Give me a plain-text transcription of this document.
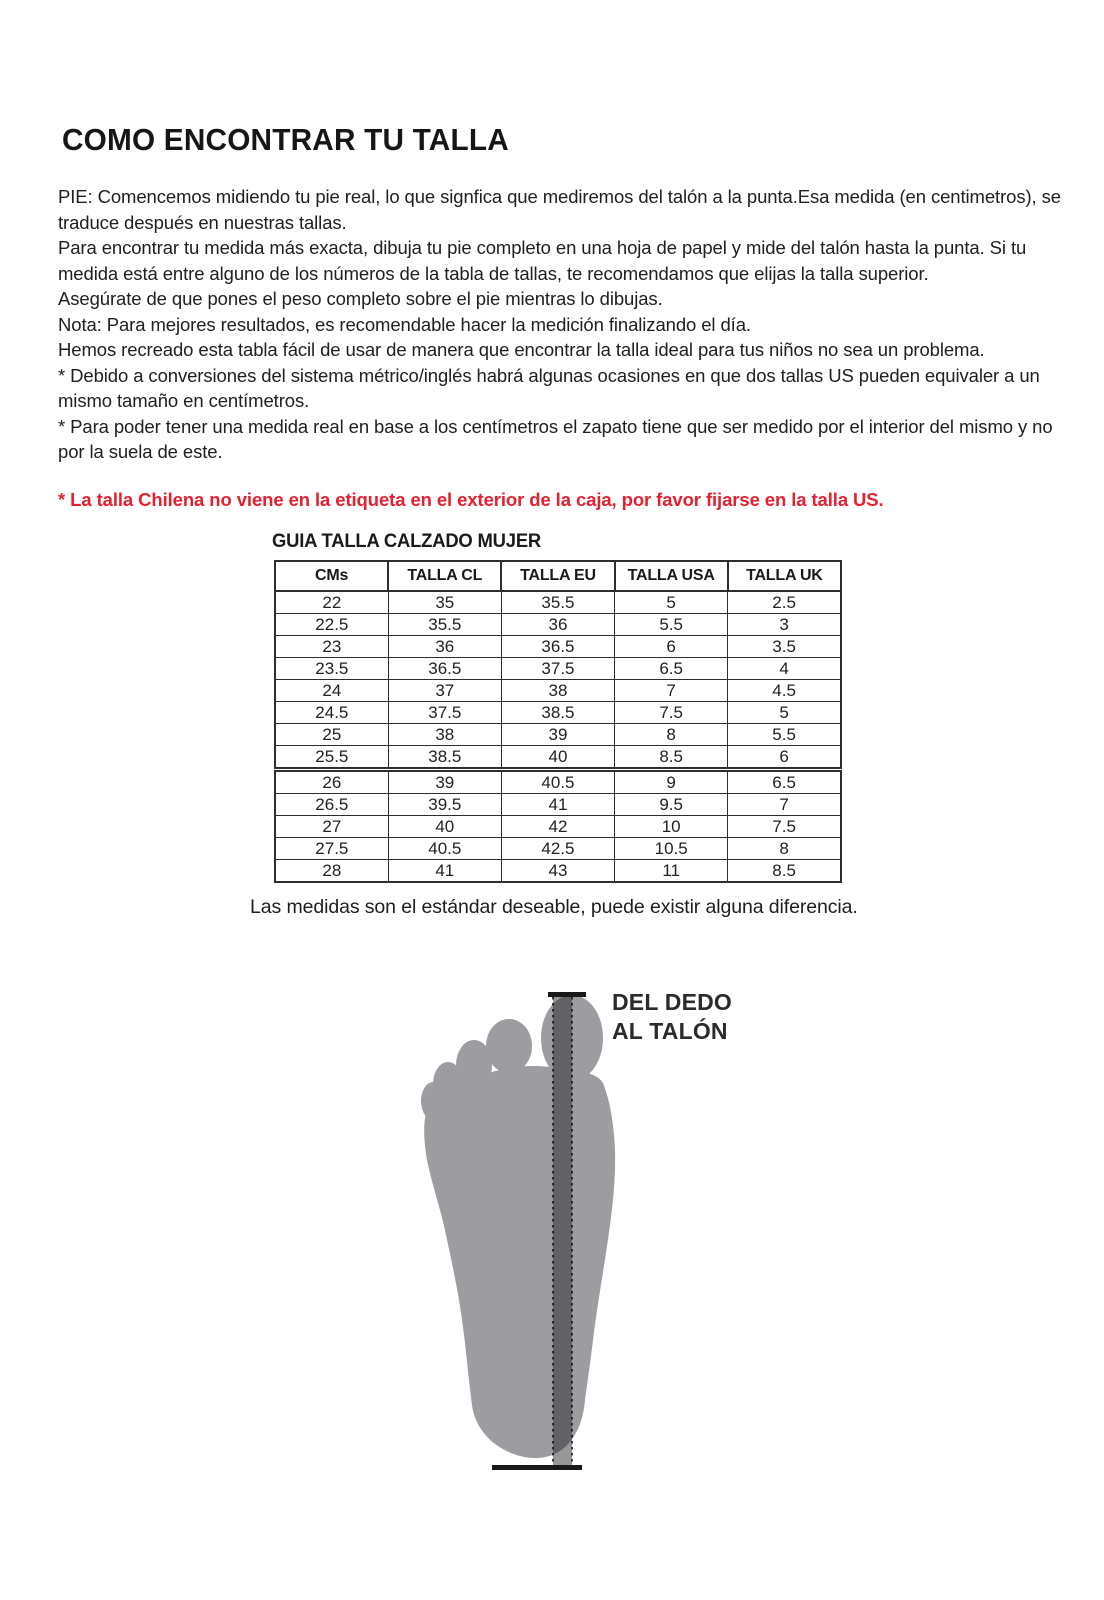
COMO ENCONTRAR TU TALLA

PIE: Comencemos midiendo tu pie real, lo que signfica que mediremos del talón a la punta.Esa medida (en centimetros), se traduce después en nuestras tallas.

Para encontrar tu medida más exacta, dibuja tu pie completo en una hoja de papel y mide del talón hasta la punta. Si tu medida está entre alguno de los números de la tabla de tallas, te recomendamos que elijas la talla superior.

Asegúrate de que pones el peso completo sobre el pie mientras lo dibujas.

Nota: Para mejores resultados, es recomendable hacer la medición finalizando el día.

Hemos recreado esta tabla fácil de usar de manera que encontrar la talla ideal para tus niños no sea un problema.

* Debido a conversiones del sistema métrico/inglés habrá algunas ocasiones en que dos tallas US pueden equivaler a un mismo tamaño en centímetros.

* Para poder tener una medida real en base a los centímetros el zapato tiene que ser medido por el interior del mismo y no por la suela de este.

* La talla Chilena no viene en la etiqueta en el exterior de la caja, por favor fijarse en la talla US.

GUIA TALLA CALZADO MUJER
CMs	TALLA CL	TALLA EU	TALLA USA	TALLA UK
22	35	35.5	5	2.5
22.5	35.5	36	5.5	3
23	36	36.5	6	3.5
23.5	36.5	37.5	6.5	4
24	37	38	7	4.5
24.5	37.5	38.5	7.5	5
25	38	39	8	5.5
25.5	38.5	40	8.5	6
26	39	40.5	9	6.5
26.5	39.5	41	9.5	7
27	40	42	10	7.5
27.5	40.5	42.5	10.5	8
28	41	43	11	8.5

Las medidas son el estándar deseable, puede existir alguna diferencia.

DEL DEDO
AL TALÓN
